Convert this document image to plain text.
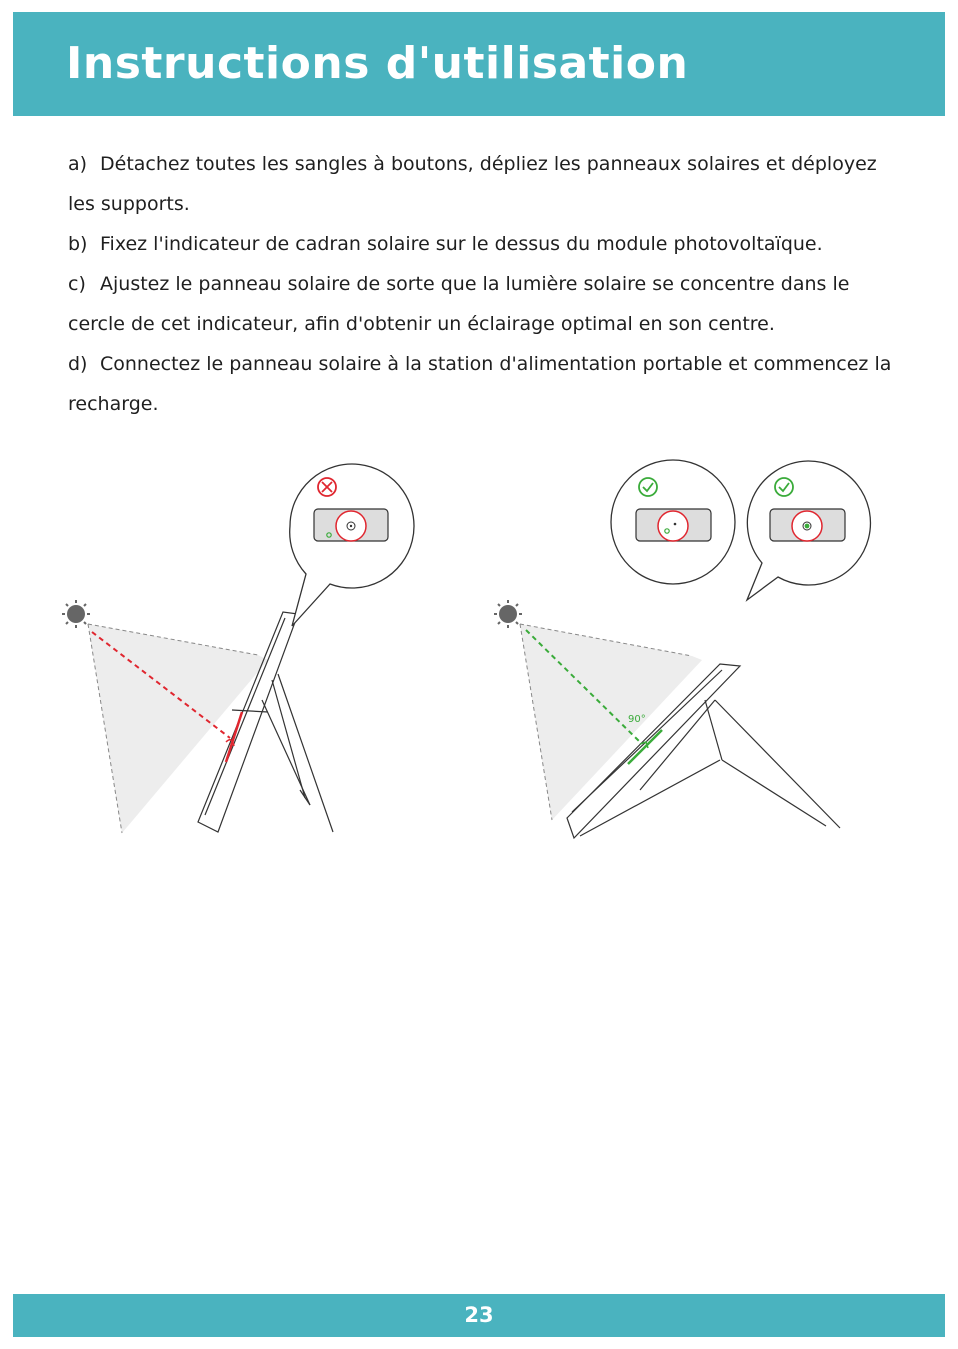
Instructions d'utilisation

a) Détachez toutes les sangles à boutons, dépliez les panneaux solaires et déployez les supports.

b) Fixez l'indicateur de cadran solaire sur le dessus du module photovoltaïque.

c) Ajustez le panneau solaire de sorte que la lumière solaire se concentre dans le cercle de cet indicateur, afin d'obtenir un éclairage optimal en son centre.

d) Connectez le panneau solaire à la station d'alimentation portable et commencez la recharge.

90°
23
